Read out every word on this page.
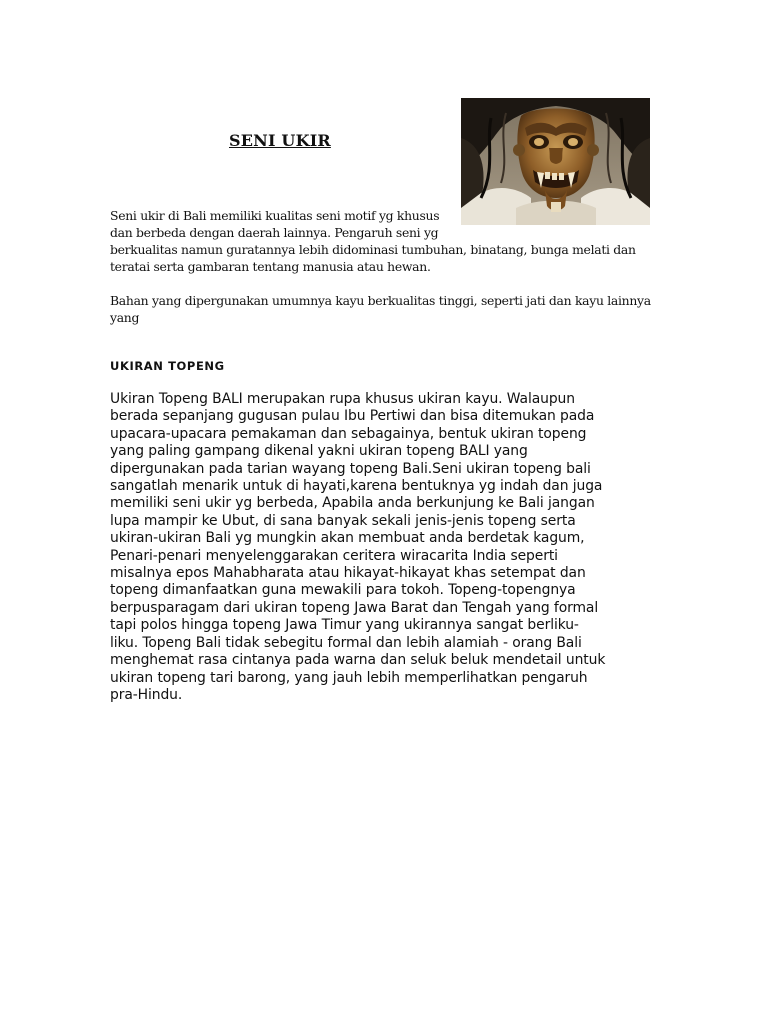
SENI UKIR
Seni ukir di Bali memiliki kualitas seni motif yg khusus
dan berbeda dengan daerah lainnya. Pengaruh seni yg
berkualitas namun guratannya lebih didominasi tumbuhan, binatang, bunga melati dan
teratai serta gambaran tentang manusia atau hewan.
Bahan yang dipergunakan umumnya kayu berkualitas tinggi, seperti jati dan kayu lainnya
yang
UKIRAN TOPENG
Ukiran Topeng BALI merupakan rupa khusus ukiran kayu. Walaupun
berada sepanjang gugusan pulau Ibu Pertiwi dan bisa ditemukan pada
upacara-upacara pemakaman dan sebagainya, bentuk ukiran topeng
yang paling gampang dikenal yakni ukiran topeng BALI yang
dipergunakan pada tarian wayang topeng Bali.Seni ukiran topeng bali
sangatlah menarik untuk di hayati,karena bentuknya yg indah dan juga
memiliki seni ukir yg berbeda, Apabila anda berkunjung ke Bali jangan
lupa mampir ke Ubut, di sana banyak sekali jenis-jenis topeng serta
ukiran-ukiran Bali yg mungkin akan membuat anda berdetak kagum,
Penari-penari menyelenggarakan ceritera wiracarita India seperti
misalnya epos Mahabharata atau hikayat-hikayat khas setempat dan
topeng dimanfaatkan guna mewakili para tokoh. Topeng-topengnya
berpusparagam dari ukiran topeng Jawa Barat dan Tengah yang formal
tapi polos hingga topeng Jawa Timur yang ukirannya sangat berliku-
liku. Topeng Bali tidak sebegitu formal dan lebih alamiah - orang Bali
menghemat rasa cintanya pada warna dan seluk beluk mendetail untuk
ukiran topeng tari barong, yang jauh lebih memperlihatkan pengaruh
pra-Hindu.
